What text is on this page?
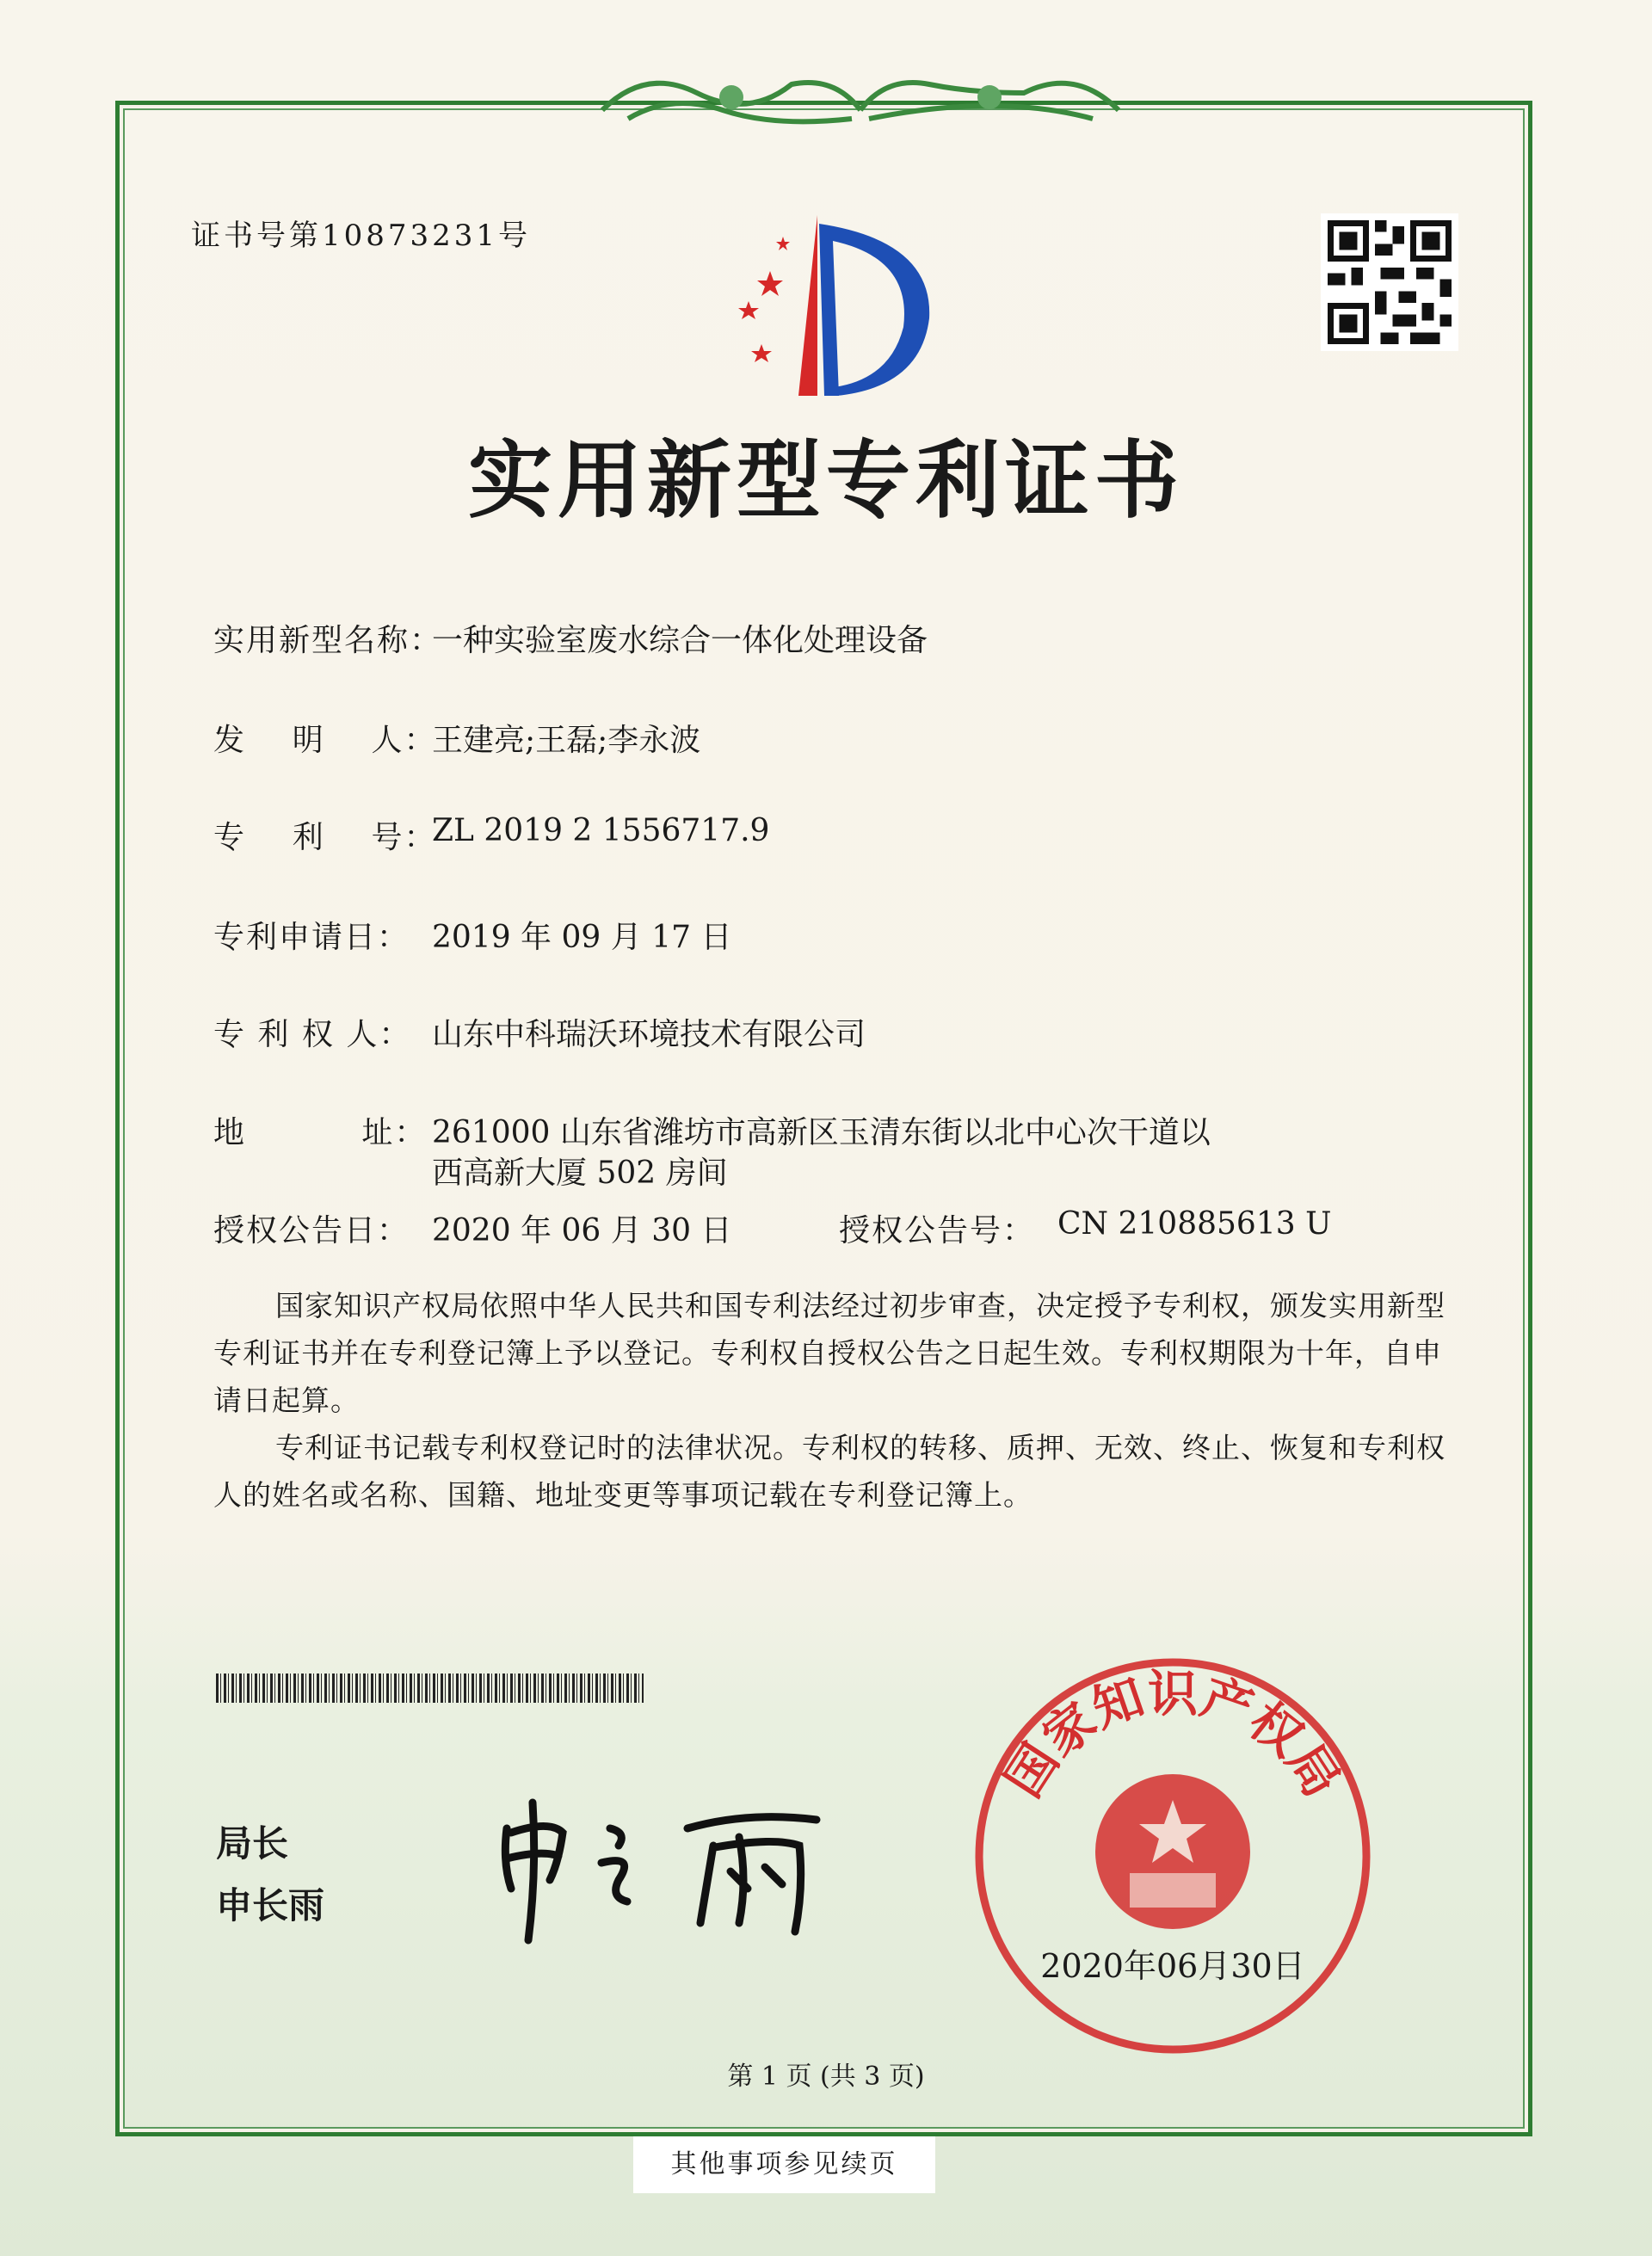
证书号第10873231号
实用新型专利证书
实用新型名称：
一种实验室废水综合一体化处理设备
发    明    人：
王建亮;王磊;李永波
专    利    号：
ZL 2019 2 1556717.9
专利申请日： 2019 年 09 月 17 日
专 利 权 人： 山东中科瑞沃环境技术有限公司
地          址： 261000 山东省潍坊市高新区玉清东街以北中心次干道以
西高新大厦 502 房间
授权公告日： 2020 年 06 月 30 日	授权公告号： CN 210885613 U

国家知识产权局依照中华人民共和国专利法经过初步审查，决定授予专利权，颁发实用新型专利证书并在专利登记簿上予以登记。专利权自授权公告之日起生效。专利权期限为十年，自申请日起算。

专利证书记载专利权登记时的法律状况。专利权的转移、质押、无效、终止、恢复和专利权人的姓名或名称、国籍、地址变更等事项记载在专利登记簿上。

局长
申长雨
国家知识产权局
2020年06月30日
第 1 页 (共 3 页)
其他事项参见续页
